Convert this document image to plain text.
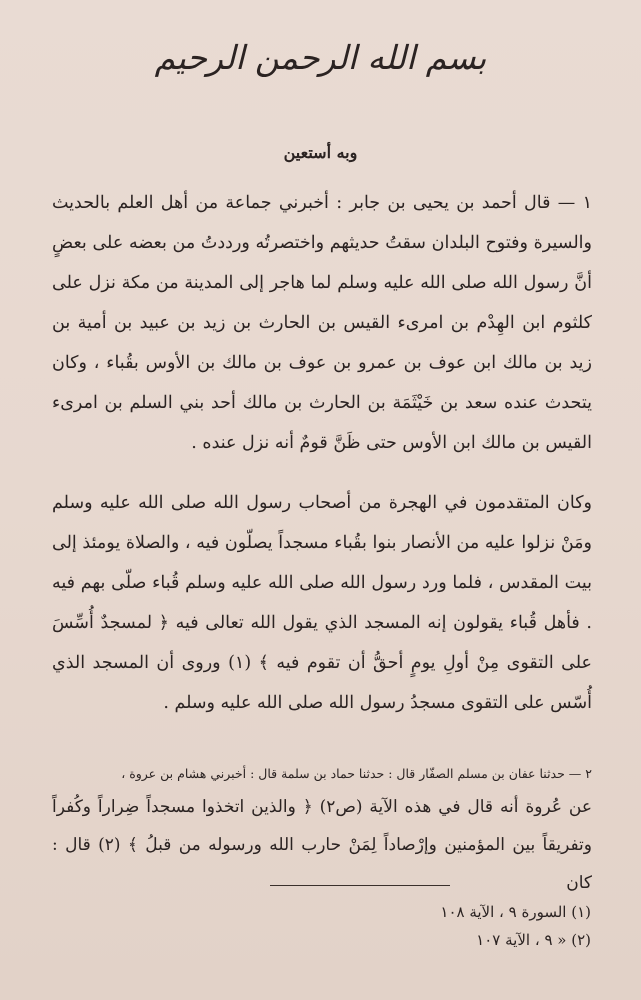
بسم الله الرحمن الرحيم
وبه أستعين
١ — قال أحمد بن يحيى بن جابر : أخبرني جماعة من أهل العلم بالحديث والسيرة وفتوح البلدان سقتُ حديثهم واختصرتُه ورددتُ من بعضه على بعضٍ أنَّ رسول الله صلى الله عليه وسلم لما هاجر إلى المدينة من مكة نزل على كلثوم ابن الهِدْم بن امرىء القيس بن الحارث بن زيد بن عبيد بن أمية بن زيد بن مالك ابن عوف بن عمرو بن عوف بن مالك بن الأوس بقُباء ، وكان يتحدث عنده سعد بن خَيْثَمَة بن الحارث بن مالك أحد بني السلم بن امرىء القيس بن مالك ابن الأوس حتى ظَنَّ قومٌ أنه نزل عنده .
وكان المتقدمون في الهجرة من أصحاب رسول الله صلى الله عليه وسلم ومَنْ نزلوا عليه من الأنصار بنوا بقُباء مسجداً يصلّون فيه ، والصلاة يومئذ إلى بيت المقدس ، فلما ورد رسول الله صلى الله عليه وسلم قُباء صلّى بهم فيه . فأهل قُباء يقولون إنه المسجد الذي يقول الله تعالى فيه ﴿ لمسجدٌ أُسِّسَ على التقوى مِنْ أولِ يومٍ أحقُّ أن تقوم فيه ﴾ (١) وروى أن المسجد الذي أُسّس على التقوى مسجدُ رسول الله صلى الله عليه وسلم .
٢ — حدثنا عفان بن مسلم الصفّار قال : حدثنا حماد بن سلمة قال : أخبرني هشام بن عروة ،
عن عُروة أنه قال في هذه الآية (ص٢) ﴿ والذين اتخذوا مسجداً ضِراراً وكُفراً وتفريقاً بين المؤمنين وإرْصاداً لِمَنْ حارب الله ورسوله من قبلُ ﴾ (٢) قال : كان
(١) السورة ٩ ، الآية ١٠٨
(٢) « ٩ ، الآية ١٠٧
